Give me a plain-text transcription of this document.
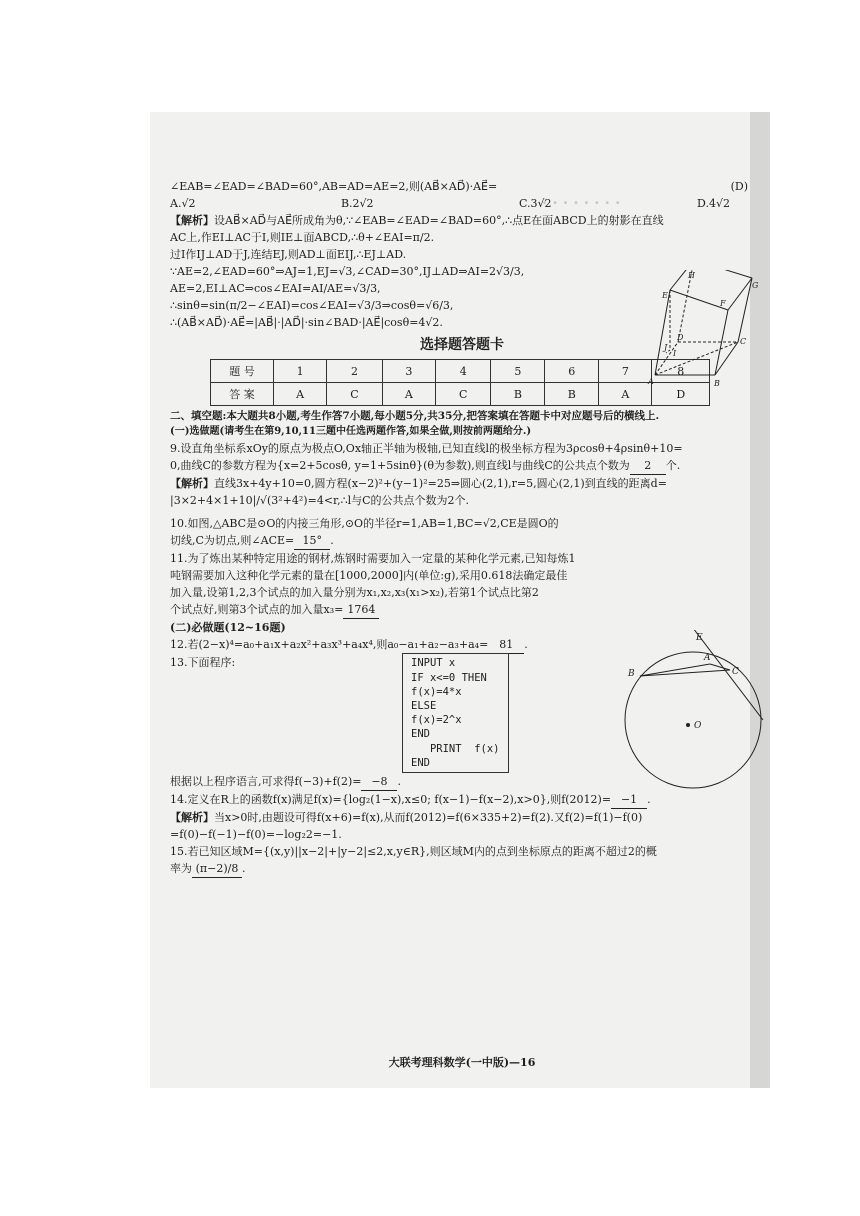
· · · · · · · ·
∠EAB=∠EAD=∠BAD=60°,AB=AD=AE=2,则(AB⃗×AD⃗)·AE⃗=	(D)
A.√2	B.2√2	C.3√2	D.4√2
【解析】设AB⃗×AD⃗与AE⃗所成角为θ,∵∠EAB=∠EAD=∠BAD=60°,∴点E在面ABCD上的射影在直线
AC上,作EI⊥AC于I,则IE⊥面ABCD,∴θ+∠EAI=π/2.
过I作IJ⊥AD于J,连结EJ,则AD⊥面EIJ,∴EJ⊥AD.
∵AE=2,∠EAD=60°⇒AJ=1,EJ=√3,∠CAD=30°,IJ⊥AD⇒AI=2√3/3,
AE=2,EI⊥AC⇒cos∠EAI=AI/AE=√3/3,
∴sinθ=sin(π/2−∠EAI)=cos∠EAI=√3/3⇒cosθ=√6/3,
∴(AB⃗×AD⃗)·AE⃗=|AB⃗|·|AD⃗|·sin∠BAD·|AE⃗|cosθ=4√2.
H
G
E
F
D	C
J
I
A	B
选择题答题卡
题 号	1	2	3	4	5	6	7	8
答 案	A	C	A	C	B	B	A	D
二、填空题:本大题共8小题,考生作答7小题,每小题5分,共35分,把答案填在答题卡中对应题号后的横线上.
(一)选做题(请考生在第9,10,11三题中任选两题作答,如果全做,则按前两题给分.)
9.设直角坐标系xOy的原点为极点O,Ox轴正半轴为极轴,已知直线l的极坐标方程为3ρcosθ+4ρsinθ+10=
0,曲线C的参数方程为{x=2+5cosθ, y=1+5sinθ}(θ为参数),则直线l与曲线C的公共点个数为 2 个.
【解析】直线3x+4y+10=0,圆方程(x−2)²+(y−1)²=25⇒圆心(2,1),r=5,圆心(2,1)到直线的距离d=
|3×2+4×1+10|/√(3²+4²)=4<r,∴l与C的公共点个数为2个.
10.如图,△ABC是⊙O的内接三角形,⊙O的半径r=1,AB=1,BC=√2,CE是圆O的
切线,C为切点,则∠ACE= 15° .
11.为了炼出某种特定用途的钢材,炼钢时需要加入一定量的某种化学元素,已知每炼1
吨钢需要加入这种化学元素的量在[1000,2000]内(单位:g),采用0.618法确定最佳
加入量,设第1,2,3个试点的加入量分别为x₁,x₂,x₃(x₁>x₂),若第1个试点比第2
个试点好,则第3个试点的加入量x₃= 1764
E
A
B	C
O
(二)必做题(12~16题)
12.若(2−x)⁴=a₀+a₁x+a₂x²+a₃x³+a₄x⁴,则a₀−a₁+a₂−a₃+a₄= 81 .
13.下面程序:	INPUT x
IF x<=0 THEN
f(x)=4*x
ELSE
f(x)=2^x
END
PRINT  f(x)
END
根据以上程序语言,可求得f(−3)+f(2)= −8 .
14.定义在R上的函数f(x)满足f(x)={log₂(1−x),x≤0; f(x−1)−f(x−2),x>0},则f(2012)= −1 .
【解析】当x>0时,由题设可得f(x+6)=f(x),从而f(2012)=f(6×335+2)=f(2).又f(2)=f(1)−f(0)
=f(0)−f(−1)−f(0)=−log₂2=−1.
15.若已知区域M={(x,y)||x−2|+|y−2|≤2,x,y∈R},则区域M内的点到坐标原点的距离不超过2的概
率为 (π−2)/8 .
大联考理科数学(一中版)—16
